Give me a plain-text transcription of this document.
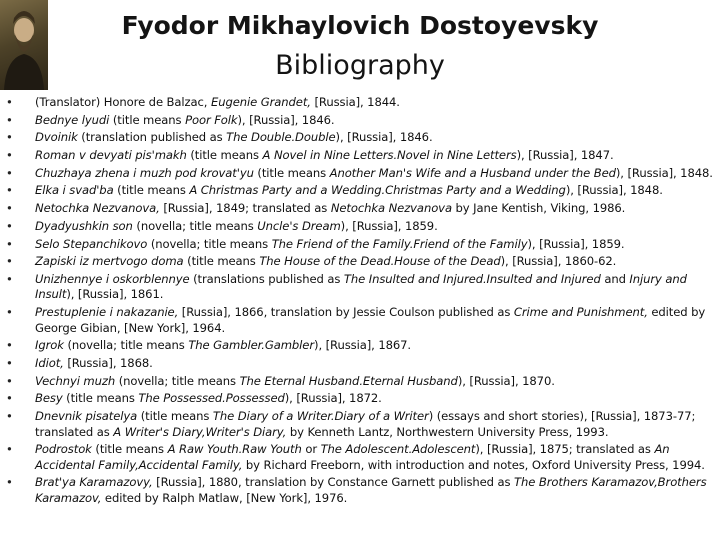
Fyodor Mikhaylovich Dostoyevsky
Bibliography
• (Translator) Honore de Balzac, Eugenie Grandet, [Russia], 1844.
• Bednye lyudi (title means Poor Folk), [Russia], 1846.
• Dvoinik (translation published as The Double.Double), [Russia], 1846.
• Roman v devyati pis'makh (title means A Novel in Nine Letters.Novel in Nine Letters), [Russia], 1847.
• Chuzhaya zhena i muzh pod krovat'yu (title means Another Man's Wife and a Husband under the Bed), [Russia], 1848.
• Elka i svad'ba (title means A Christmas Party and a Wedding.Christmas Party and a Wedding), [Russia], 1848.
• Netochka Nezvanova, [Russia], 1849; translated as Netochka Nezvanova by Jane Kentish, Viking, 1986.
• Dyadyushkin son (novella; title means Uncle's Dream), [Russia], 1859.
• Selo Stepanchikovo (novella; title means The Friend of the Family.Friend of the Family), [Russia], 1859.
• Zapiski iz mertvogo doma (title means The House of the Dead.House of the Dead), [Russia], 1860-62.
• Unizhennye i oskorblennye (translations published as The Insulted and Injured.Insulted and Injured and Injury and Insult), [Russia], 1861.
• Prestuplenie i nakazanie, [Russia], 1866, translation by Jessie Coulson published as Crime and Punishment, edited by George Gibian, [New York], 1964.
• Igrok (novella; title means The Gambler.Gambler), [Russia], 1867.
• Idiot, [Russia], 1868.
• Vechnyi muzh (novella; title means The Eternal Husband.Eternal Husband), [Russia], 1870.
• Besy (title means The Possessed.Possessed), [Russia], 1872.
• Dnevnik pisatelya (title means The Diary of a Writer.Diary of a Writer) (essays and short stories), [Russia], 1873-77; translated as A Writer's Diary,Writer's Diary, by Kenneth Lantz, Northwestern University Press, 1993.
• Podrostok (title means A Raw Youth.Raw Youth or The Adolescent.Adolescent), [Russia], 1875; translated as An Accidental Family,Accidental Family, by Richard Freeborn, with introduction and notes, Oxford University Press, 1994.
• Brat'ya Karamazovy, [Russia], 1880, translation by Constance Garnett published as The Brothers Karamazov,Brothers Karamazov, edited by Ralph Matlaw, [New York], 1976.
